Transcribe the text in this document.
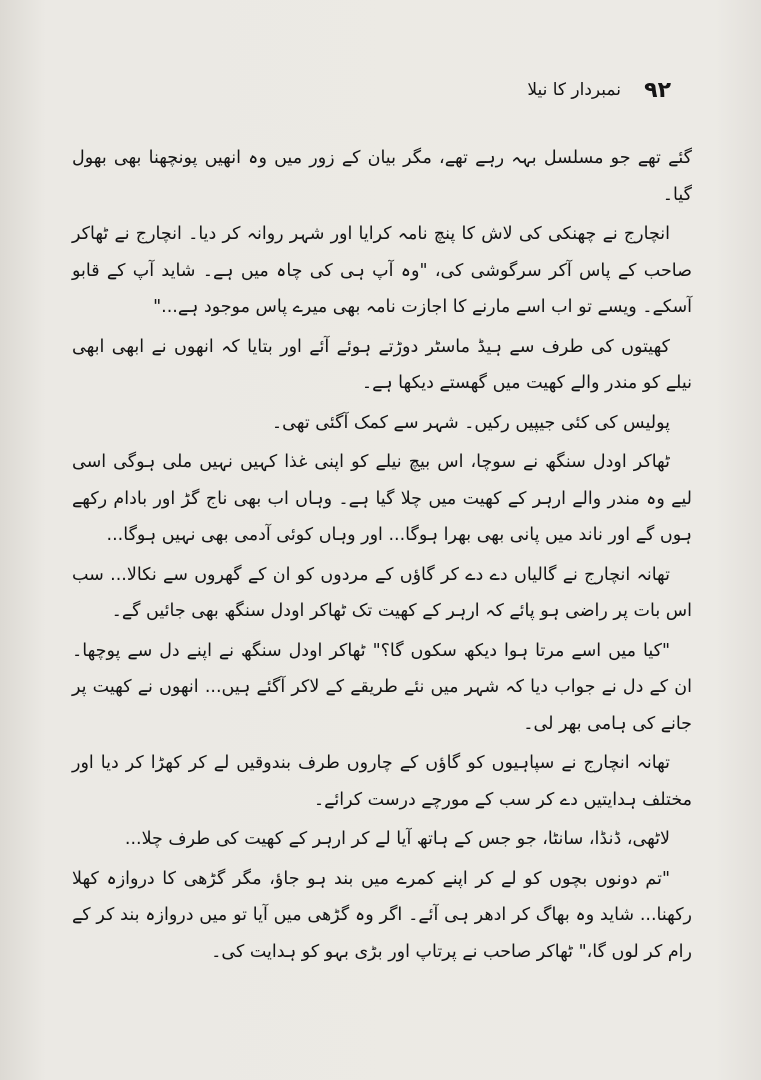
۹۲
نمبردار کا نیلا

گئے تھے جو مسلسل بہہ رہے تھے، مگر بیان کے زور میں وہ انھیں پونچھنا بھی بھول گیا۔

انچارج نے چھنکی کی لاش کا پنچ نامہ کرایا اور شہر روانہ کر دیا۔ انچارج نے ٹھاکر صاحب کے پاس آکر سرگوشی کی، "وہ آپ ہی کی چاہ میں ہے۔ شاید آپ کے قابو آسکے۔ ویسے تو اب اسے مارنے کا اجازت نامہ بھی میرے پاس موجود ہے..."

کھیتوں کی طرف سے ہیڈ ماسٹر دوڑتے ہوئے آئے اور بتایا کہ انھوں نے ابھی ابھی نیلے کو مندر والے کھیت میں گھستے دیکھا ہے۔

پولیس کی کئی جیپیں رکیں۔ شہر سے کمک آگئی تھی۔

ٹھاکر اودل سنگھ نے سوچا، اس بیچ نیلے کو اپنی غذا کہیں نہیں ملی ہوگی اسی لیے وہ مندر والے ارہر کے کھیت میں چلا گیا ہے۔ وہاں اب بھی ناج گڑ اور بادام رکھے ہوں گے اور ناند میں پانی بھی بھرا ہوگا... اور وہاں کوئی آدمی بھی نہیں ہوگا...

تھانہ انچارج نے گالیاں دے دے کر گاؤں کے مردوں کو ان کے گھروں سے نکالا... سب اس بات پر راضی ہو پائے کہ ارہر کے کھیت تک ٹھاکر اودل سنگھ بھی جائیں گے۔

"کیا میں اسے مرتا ہوا دیکھ سکوں گا؟" ٹھاکر اودل سنگھ نے اپنے دل سے پوچھا۔ ان کے دل نے جواب دیا کہ شہر میں نئے طریقے کے لاکر آگئے ہیں... انھوں نے کھیت پر جانے کی ہامی بھر لی۔

تھانہ انچارج نے سپاہیوں کو گاؤں کے چاروں طرف بندوقیں لے کر کھڑا کر دیا اور مختلف ہدایتیں دے کر سب کے مورچے درست کرائے۔

لاٹھی، ڈنڈا، سانٹا، جو جس کے ہاتھ آیا لے کر ارہر کے کھیت کی طرف چلا...

"تم دونوں بچوں کو لے کر اپنے کمرے میں بند ہو جاؤ، مگر گڑھی کا دروازہ کھلا رکھنا... شاید وہ بھاگ کر ادھر ہی آئے۔ اگر وہ گڑھی میں آیا تو میں دروازہ بند کر کے رام کر لوں گا،" ٹھاکر صاحب نے پرتاپ اور بڑی بہو کو ہدایت کی۔
